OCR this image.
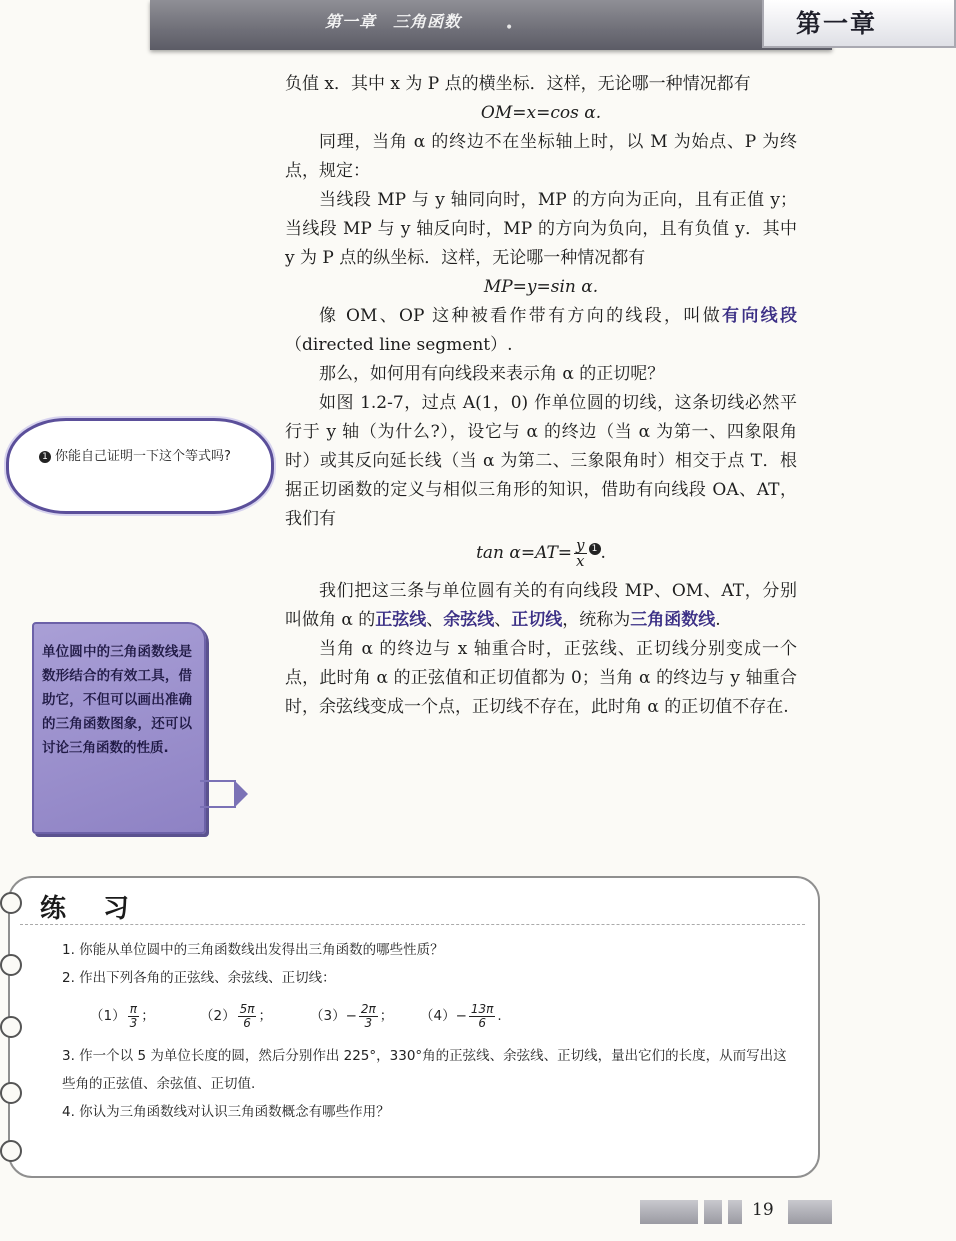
第一章　三角函数	•	第一章

负值 x．其中 x 为 P 点的横坐标．这样，无论哪一种情况都有

OM=x=cos α.

同理，当角 α 的终边不在坐标轴上时，以 M 为始点、P 为终点，规定：

当线段 MP 与 y 轴同向时，MP 的方向为正向，且有正值 y；当线段 MP 与 y 轴反向时，MP 的方向为负向，且有负值 y．其中 y 为 P 点的纵坐标．这样，无论哪一种情况都有

MP=y=sin α.

像 OM、OP 这种被看作带有方向的线段，叫做有向线段（directed line segment）.

那么，如何用有向线段来表示角 α 的正切呢？

如图 1.2-7，过点 A(1，0) 作单位圆的切线，这条切线必然平行于 y 轴（为什么?），设它与 α 的终边（当 α 为第一、四象限角时）或其反向延长线（当 α 为第二、三象限角时）相交于点 T．根据正切函数的定义与相似三角形的知识，借助有向线段 OA、AT，我们有

$\tan \alpha=AT= \frac{y}{x} 1$ .

我们把这三条与单位圆有关的有向线段 MP、OM、AT，分别叫做角 α 的正弦线、余弦线、正切线，统称为三角函数线.

当角 α 的终边与 x 轴重合时，正弦线、正切线分别变成一个点，此时角 α 的正弦值和正切值都为 0；当角 α 的终边与 y 轴重合时，余弦线变成一个点，正切线不存在，此时角 α 的正切值不存在.

1 你能自己证明一下这个等式吗?
单位圆中的三角函数线是数形结合的有效工具，借助它，不但可以画出准确的三角函数图象，还可以讨论三角函数的性质.
练 习

1. 你能从单位圆中的三角函数线出发得出三角函数的哪些性质？

2. 作出下列各角的正弦线、余弦线、正切线：

$(1) \frac{\pi}{3}$ ；	$(2) \frac{5\pi}{6}$ ；	$(3) - \frac{2\pi}{3}$ ； $(4) - \frac{13\pi}{6}$ .

3. 作一个以 5 为单位长度的圆，然后分别作出 225°，330°角的正弦线、余弦线、正切线，量出它们的长度，从而写出这些角的正弦值、余弦值、正切值.

4. 你认为三角函数线对认识三角函数概念有哪些作用？

19
